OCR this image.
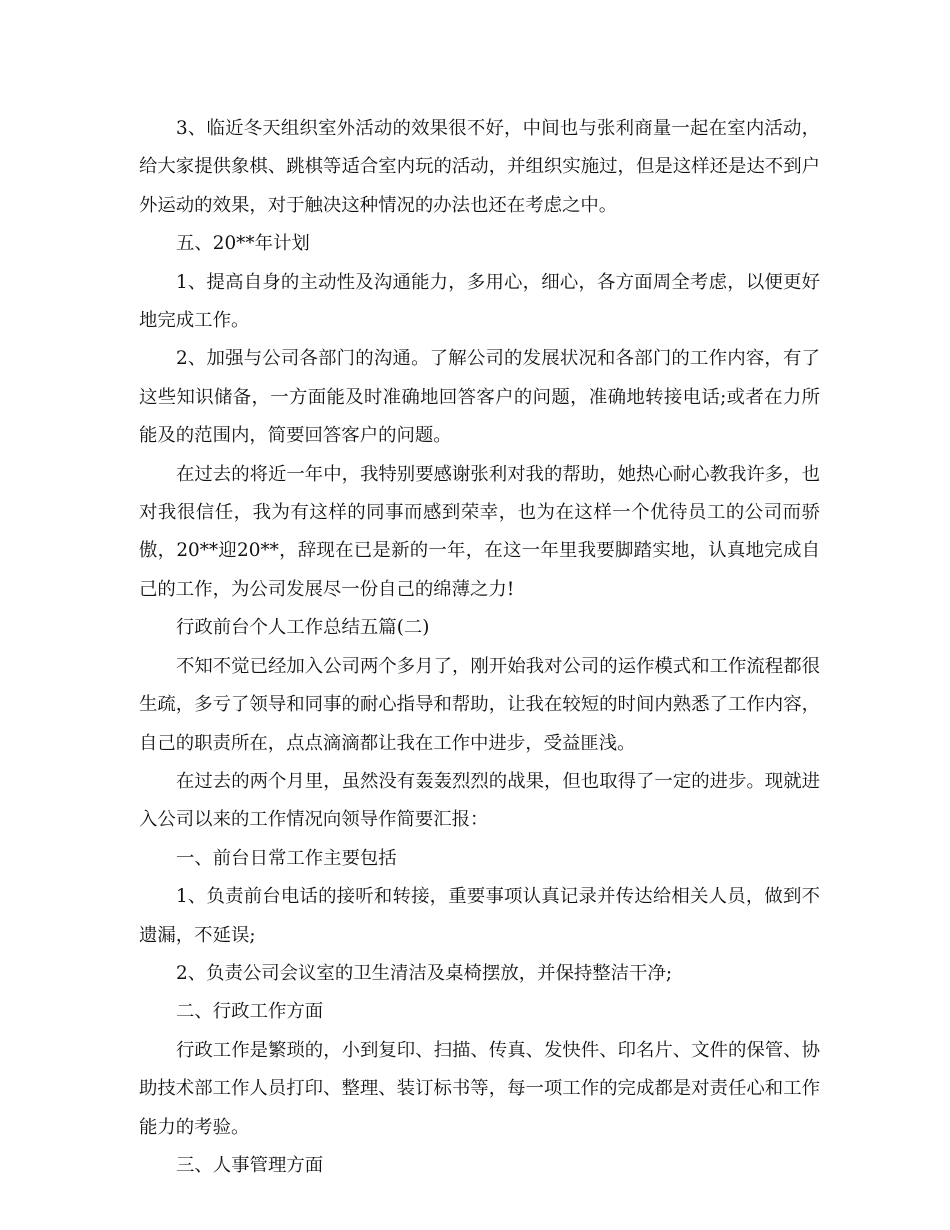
3、临近冬天组织室外活动的效果很不好，中间也与张利商量一起在室内活动，给大家提供象棋、跳棋等适合室内玩的活动，并组织实施过，但是这样还是达不到户外运动的效果，对于触决这种情况的办法也还在考虑之中。

五、20**年计划

1、提高自身的主动性及沟通能力，多用心，细心，各方面周全考虑，以便更好地完成工作。

2、加强与公司各部门的沟通。了解公司的发展状况和各部门的工作内容，有了这些知识储备，一方面能及时准确地回答客户的问题，准确地转接电话;或者在力所能及的范围内，简要回答客户的问题。

在过去的将近一年中，我特别要感谢张利对我的帮助，她热心耐心教我许多，也对我很信任，我为有这样的同事而感到荣幸，也为在这样一个优待员工的公司而骄傲，20**迎20**，辞现在已是新的一年，在这一年里我要脚踏实地，认真地完成自己的工作，为公司发展尽一份自己的绵薄之力!

行政前台个人工作总结五篇(二)

不知不觉已经加入公司两个多月了，刚开始我对公司的运作模式和工作流程都很生疏，多亏了领导和同事的耐心指导和帮助，让我在较短的时间内熟悉了工作内容，自己的职责所在，点点滴滴都让我在工作中进步，受益匪浅。

在过去的两个月里，虽然没有轰轰烈烈的战果，但也取得了一定的进步。现就进入公司以来的工作情况向领导作简要汇报：

一、前台日常工作主要包括

1、负责前台电话的接听和转接，重要事项认真记录并传达给相关人员，做到不遗漏，不延误;

2、负责公司会议室的卫生清洁及桌椅摆放，并保持整洁干净;

二、行政工作方面

行政工作是繁琐的，小到复印、扫描、传真、发快件、印名片、文件的保管、协助技术部工作人员打印、整理、装订标书等，每一项工作的完成都是对责任心和工作能力的考验。

三、人事管理方面
